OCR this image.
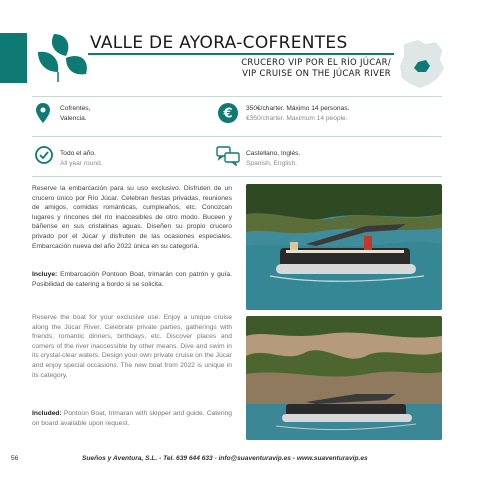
VALLE DE AYORA-COFRENTES
CRUCERO VIP POR EL RÍO JÚCAR/
VIP CRUISE ON THE JÚCAR RIVER
Cofrentes,
Valencia.	€ 350€/charter. Máximo 14 personas.
€350/charter. Maximum 14 people.
Todo el año.
All year round.
Castellano, Inglés.
Spanish, English.

Reserve la embarcación para su uso exclusivo. Disfruten de un crucero único por Río Júcar. Celebran fiestas privadas, reuniones de amigos, comidas románticas, cumpleaños, etc. Conozcan lugares y rincones del río inaccesibles de otro modo. Buceen y báñense en sus cristalinas aguas. Diseñen su propio crucero privado por el Júcar y disfruten de las ocasiones especiales. Embarcación nueva del año 2022 única en su categoría.

Incluye: Embarcación Pontoon Boat, trimarán con patrón y guía. Posibilidad de catering a bordo si se solicita.

Reserve the boat for your exclusive use. Enjoy a unique cruise along the Júcar River. Celebrate private parties, gatherings with friends, romantic dinners, birthdays, etc. Discover places and corners of the river inaccessible by other means. Dive and swim in its crystal-clear waters. Design your own private cruise on the Júcar and enjoy special occasions. The new boat from 2022 is unique in its category.

Included: Pontoon Boat, trimaran with skipper and guide. Catering on board available upon request.

56	Sueños y Aventura, S.L. - Tel. 639 644 633 - info@suaventuravip.es - www.suaventuravip.es
